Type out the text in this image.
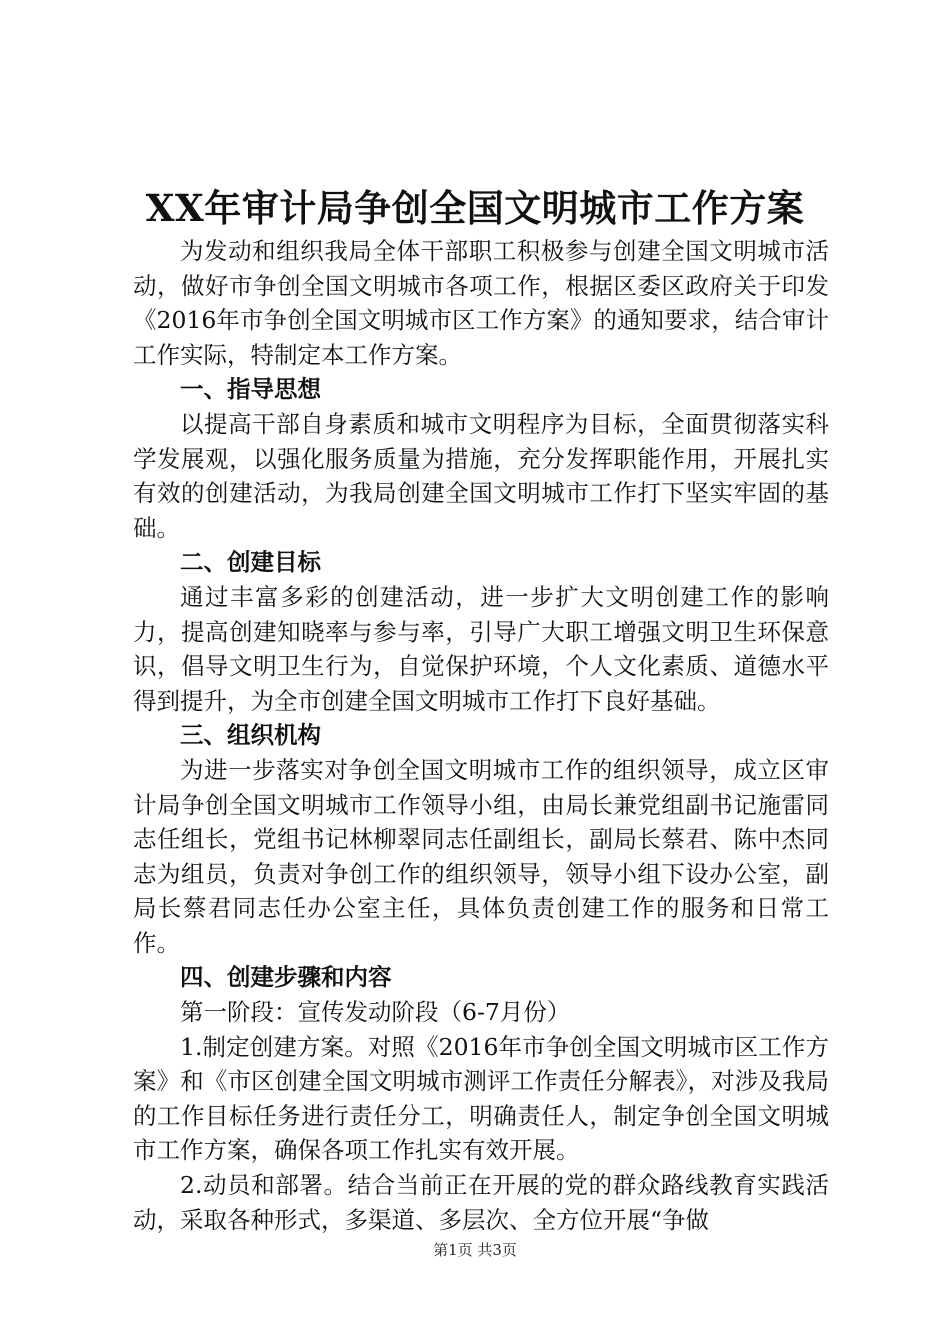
XX年审计局争创全国文明城市工作方案

为发动和组织我局全体干部职工积极参与创建全国文明城市活动，做好市争创全国文明城市各项工作，根据区委区政府关于印发《2016年市争创全国文明城市区工作方案》的通知要求，结合审计工作实际，特制定本工作方案。

一、指导思想

以提高干部自身素质和城市文明程序为目标，全面贯彻落实科学发展观，以强化服务质量为措施，充分发挥职能作用，开展扎实有效的创建活动，为我局创建全国文明城市工作打下坚实牢固的基础。

二、创建目标

通过丰富多彩的创建活动，进一步扩大文明创建工作的影响力，提高创建知晓率与参与率，引导广大职工增强文明卫生环保意识，倡导文明卫生行为，自觉保护环境，个人文化素质、道德水平得到提升，为全市创建全国文明城市工作打下良好基础。

三、组织机构

为进一步落实对争创全国文明城市工作的组织领导，成立区审计局争创全国文明城市工作领导小组，由局长兼党组副书记施雷同志任组长，党组书记林柳翠同志任副组长，副局长蔡君、陈中杰同志为组员，负责对争创工作的组织领导，领导小组下设办公室，副局长蔡君同志任办公室主任，具体负责创建工作的服务和日常工作。

四、创建步骤和内容

第一阶段：宣传发动阶段（6-7月份）

1.制定创建方案。对照《2016年市争创全国文明城市区工作方案》和《市区创建全国文明城市测评工作责任分解表》，对涉及我局的工作目标任务进行责任分工，明确责任人，制定争创全国文明城市工作方案，确保各项工作扎实有效开展。

2.动员和部署。结合当前正在开展的党的群众路线教育实践活动，采取各种形式，多渠道、多层次、全方位开展“争做

第1页 共3页
